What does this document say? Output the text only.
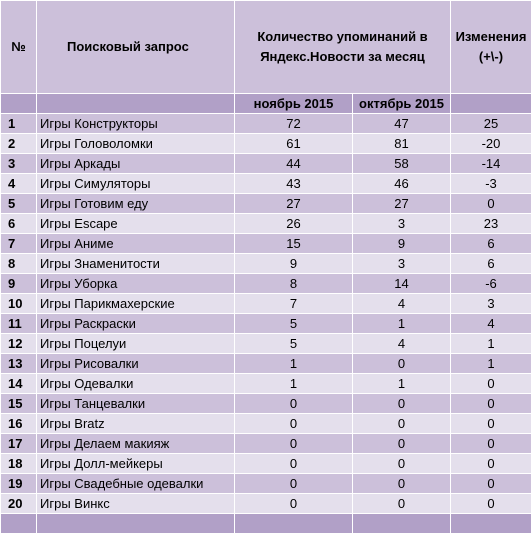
№	Поисковый запрос	Количество упоминаний в Яндекс.Новости за месяц		Изменения (+\-)
		ноябрь 2015	октябрь 2015	
1	Игры Конструкторы	72	47	25
2	Игры Головоломки	61	81	-20
3	Игры Аркады	44	58	-14
4	Игры Симуляторы	43	46	-3
5	Игры Готовим еду	27	27	0
6	Игры Escape	26	3	23
7	Игры Аниме	15	9	6
8	Игры Знаменитости	9	3	6
9	Игры Уборка	8	14	-6
10	Игры Парикмахерские	7	4	3
11	Игры Раскраски	5	1	4
12	Игры Поцелуи	5	4	1
13	Игры Рисовалки	1	0	1
14	Игры Одевалки	1	1	0
15	Игры Танцевалки	0	0	0
16	Игры Bratz	0	0	0
17	Игры Делаем макияж	0	0	0
18	Игры Долл-мейкеры	0	0	0
19	Игры Свадебные одевалки	0	0	0
20	Игры Винкс	0	0	0
